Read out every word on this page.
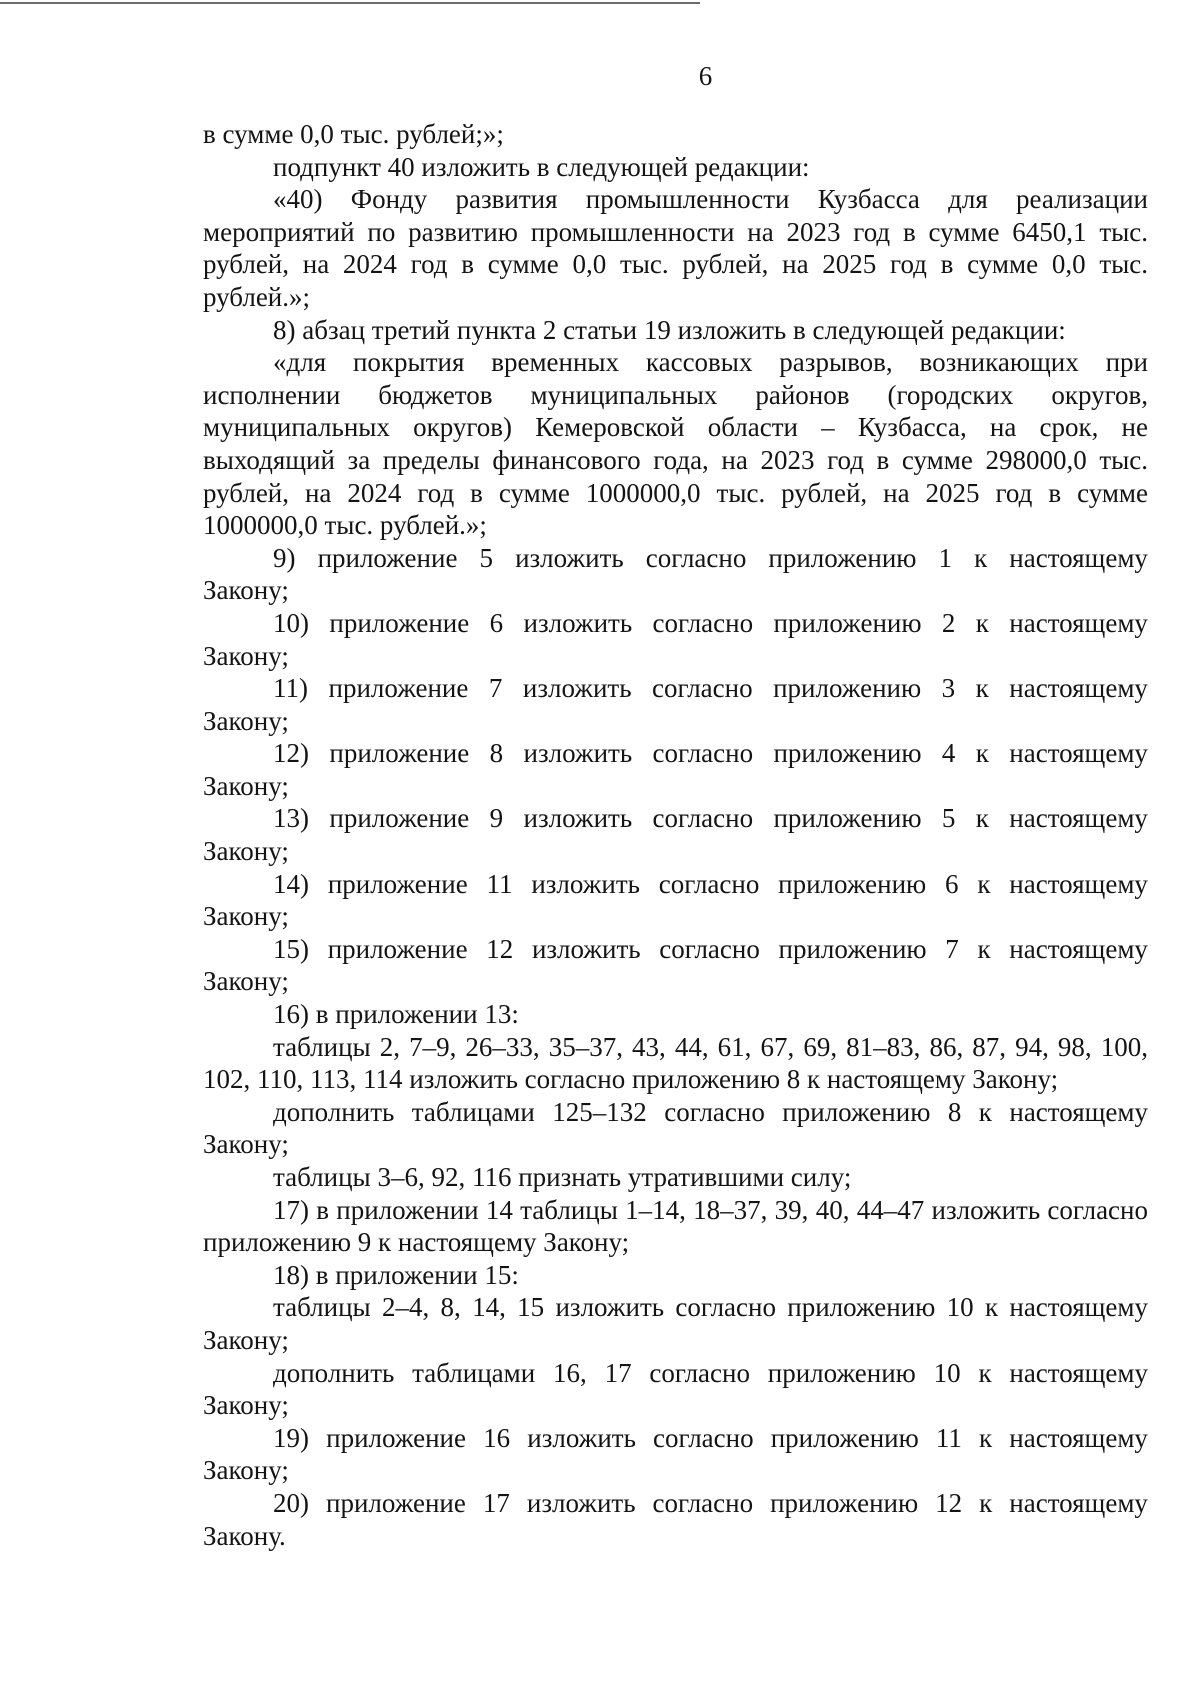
6

в сумме 0,0 тыс. рублей;»;

подпункт 40 изложить в следующей редакции:

«40) Фонду развития промышленности Кузбасса для реализации мероприятий по развитию промышленности на 2023 год в сумме 6450,1 тыс. рублей, на 2024 год в сумме 0,0 тыс. рублей, на 2025 год в сумме 0,0 тыс. рублей.»;

8) абзац третий пункта 2 статьи 19 изложить в следующей редакции:

«для покрытия временных кассовых разрывов, возникающих при исполнении бюджетов муниципальных районов (городских округов, муниципальных округов) Кемеровской области – Кузбасса, на срок, не выходящий за пределы финансового года, на 2023 год в сумме 298000,0 тыс. рублей, на 2024 год в сумме 1000000,0 тыс. рублей, на 2025 год в сумме 1000000,0 тыс. рублей.»;

9) приложение 5 изложить согласно приложению 1 к настоящему
Закону;
10) приложение 6 изложить согласно приложению 2 к настоящему
Закону;
11) приложение 7 изложить согласно приложению 3 к настоящему
Закону;
12) приложение 8 изложить согласно приложению 4 к настоящему
Закону;
13) приложение 9 изложить согласно приложению 5 к настоящему
Закону;
14) приложение 11 изложить согласно приложению 6 к настоящему
Закону;
15) приложение 12 изложить согласно приложению 7 к настоящему
Закону;

16) в приложении 13:

таблицы 2, 7–9, 26–33, 35–37, 43, 44, 61, 67, 69, 81–83, 86, 87, 94, 98, 100, 102, 110, 113, 114 изложить согласно приложению 8 к настоящему Закону;

дополнить таблицами 125–132 согласно приложению 8 к настоящему Закону;

таблицы 3–6, 92, 116 признать утратившими силу;

17) в приложении 14 таблицы 1–14, 18–37, 39, 40, 44–47 изложить согласно приложению 9 к настоящему Закону;

18) в приложении 15:

таблицы 2–4, 8, 14, 15 изложить согласно приложению 10 к настоящему Закону;

дополнить таблицами 16, 17 согласно приложению 10 к настоящему Закону;

19) приложение 16 изложить согласно приложению 11 к настоящему
Закону;
20) приложение 17 изложить согласно приложению 12 к настоящему
Закону.
